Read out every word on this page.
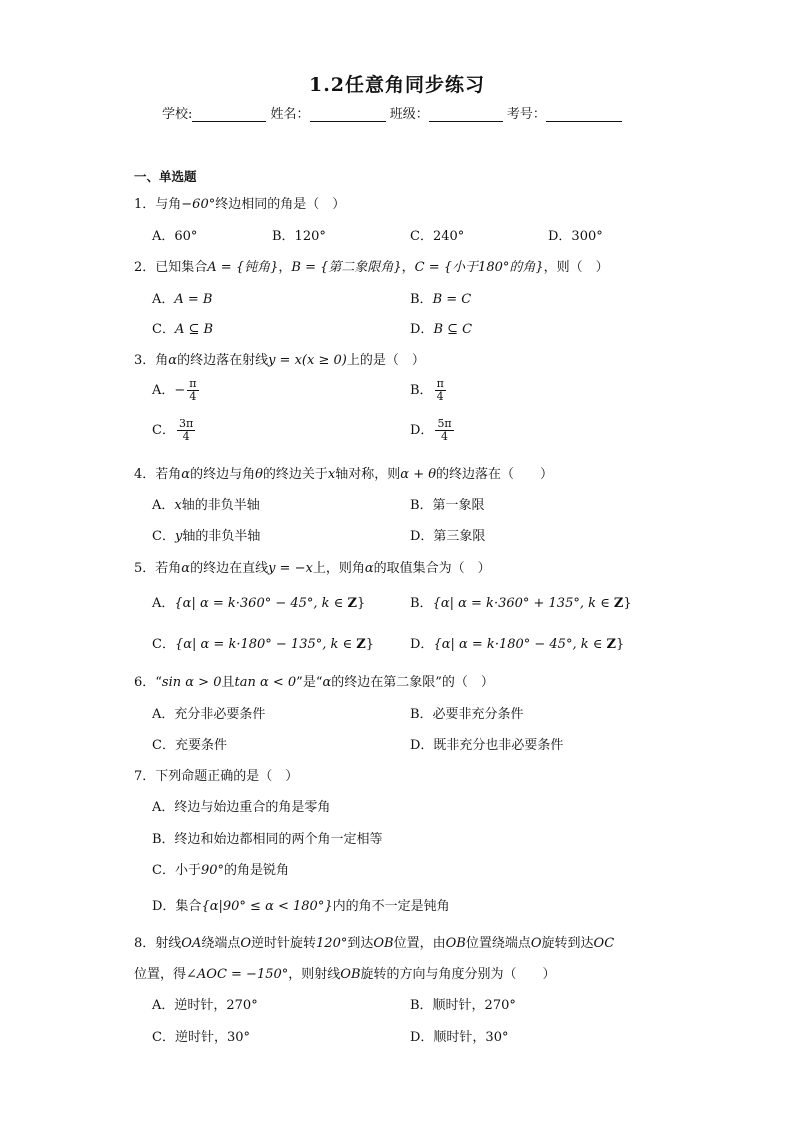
1.2任意角同步练习
学校:	姓名：	班级：	考号：
一、单选题
1．与角−60°终边相同的角是（　）
A．60°	B．120°	C．240°	D．300°
2．已知集合A = {钝角}，B = {第二象限角}，C = {小于180°的角}，则（　）
A．A = B	B．B = C
C．A ⊆ B	D．B ⊆ C
3．角α的终边落在射线y = x(x ≥ 0)上的是（　）
A．− $\frac{\pi}{4}$	B． $\frac{\pi}{4}$
C． $\frac{3\pi}{4}$	D． $\frac{5\pi}{4}$
4．若角α的终边与角θ的终边关于x轴对称，则α + θ的终边落在（　　）
A．x轴的非负半轴	B．第一象限
C．y轴的非负半轴	D．第三象限
5．若角α的终边在直线y = −x上，则角α的取值集合为（　）
A．{α| α = k·360° − 45°, k ∈ Z}	B．{α| α = k·360° + 135°, k ∈ Z}
C．{α| α = k·180° − 135°, k ∈ Z}	D．{α| α = k·180° − 45°, k ∈ Z}
6．“sin α > 0且tan α < 0”是“α的终边在第二象限”的（　）
A．充分非必要条件	B．必要非充分条件
C．充要条件	D．既非充分也非必要条件
7．下列命题正确的是（　）
A．终边与始边重合的角是零角
B．终边和始边都相同的两个角一定相等
C．小于90°的角是锐角
D．集合{α|90° ≤ α < 180°}内的角不一定是钝角
8．射线OA绕端点O逆时针旋转120°到达OB位置，由OB位置绕端点O旋转到达OC
位置，得∠AOC = −150°，则射线OB旋转的方向与角度分别为（　　）
A．逆时针，270°	B．顺时针，270°
C．逆时针，30°	D．顺时针，30°
